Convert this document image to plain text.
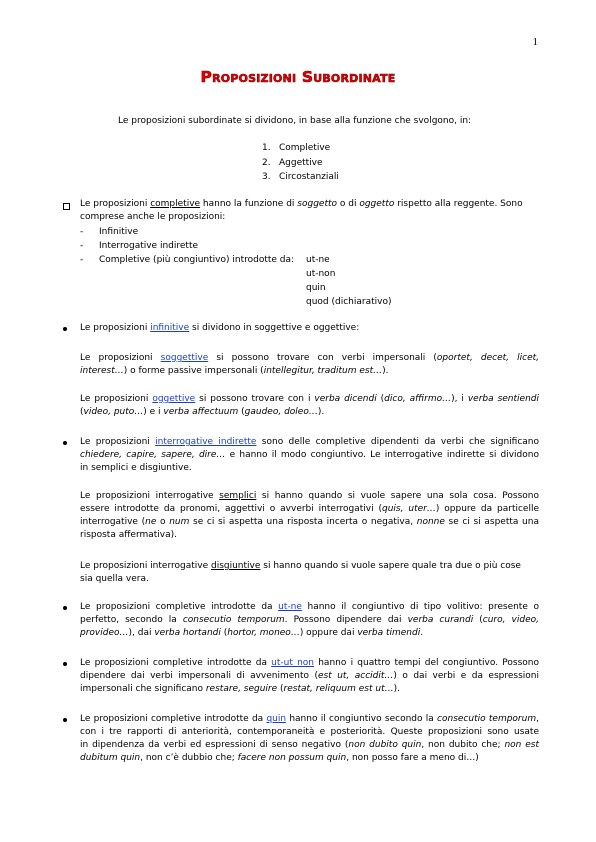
1
Proposizioni Subordinate
Le proposizioni subordinate si dividono, in base alla funzione che svolgono, in:
1. Completive
2. Aggettive
3. Circostanziali
Le proposizioni completive hanno la funzione di soggetto o di oggetto rispetto alla reggente. Sono
comprese anche le proposizioni:
- Infinitive
- Interrogative indirette
- Completive (più congiuntivo) introdotte da: ut-ne
ut-non
quin
quod (dichiarativo)
Le proposizioni infinitive si dividono in soggettive e oggettive:
Le proposizioni soggettive si possono trovare con verbi impersonali (oportet, decet, licet,
interest…) o forme passive impersonali (intellegitur, traditum est…).
Le proposizioni oggettive si possono trovare con i verba dicendi (dico, affirmo…), i verba sentiendi
(video, puto…) e i verba affectuum (gaudeo, doleo…).
Le proposizioni interrogative indirette sono delle completive dipendenti da verbi che significano
chiedere, capire, sapere, dire… e hanno il modo congiuntivo. Le interrogative indirette si dividono
in semplici e disgiuntive.
Le proposizioni interrogative semplici si hanno quando si vuole sapere una sola cosa. Possono
essere introdotte da pronomi, aggettivi o avverbi interrogativi (quis, uter…) oppure da particelle
interrogative (ne o num se ci si aspetta una risposta incerta o negativa, nonne se ci si aspetta una
risposta affermativa).
Le proposizioni interrogative disgiuntive si hanno quando si vuole sapere quale tra due o più cose
sia quella vera.
Le proposizioni completive introdotte da ut-ne hanno il congiuntivo di tipo volitivo: presente o
perfetto, secondo la consecutio temporum. Possono dipendere dai verba curandi (curo, video,
provideo…), dai verba hortandi (hortor, moneo…) oppure dai verba timendi.
Le proposizioni completive introdotte da ut-ut non hanno i quattro tempi del congiuntivo. Possono
dipendere dai verbi impersonali di avvenimento (est ut, accidit…) o dai verbi e da espressioni
impersonali che significano restare, seguire (restat, reliquum est ut…).
Le proposizioni completive introdotte da quin hanno il congiuntivo secondo la consecutio temporum,
con i tre rapporti di anteriorità, contemporaneità e posteriorità. Queste proposizioni sono usate
in dipendenza da verbi ed espressioni di senso negativo (non dubito quin, non dubito che; non est
dubitum quin, non c’è dubbio che; facere non possum quin, non posso fare a meno di…)
